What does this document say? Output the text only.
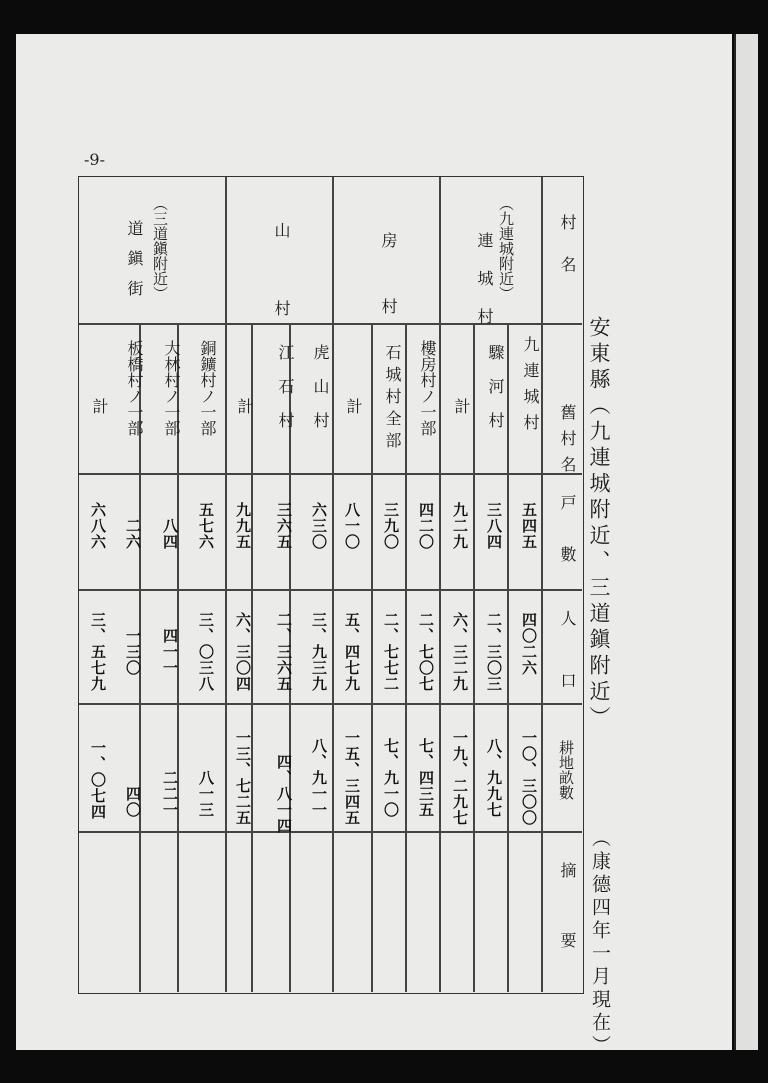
-9-
安東縣（九連城附近、三道鎭附近）
（康德四年一月現在）
村名
舊村名
戸數
人口
耕地畝數
摘要
（九連城附近）
連城村
房村
山村
（三道鎭附近）
道鎭街
九連城村
驟河村
計
樓房村ノ一部
石城村全部
計
虎山村
江石村
計
銅鑛村ノ一部
大林村ノ一部
板橋村ノ一部
計
五四五
三八四
九二九
四二〇
三九〇
八一〇
六三〇
三六五
九九五
五七六
八四
二六
六八六
四〇二六
二、三〇三
六、三二九
二、七〇七
二、七七二
五、四七九
三、九三九
二、三六五
六、三〇四
三、〇三八
四一一
一三〇
三、五七九
一〇、三〇〇
八、九九七
一九、二九七
七、四三五
七、九一〇
一五、三四五
八、九一一
四、八一四
一三、七二五
八一三
二二一
四〇
一、〇七四
